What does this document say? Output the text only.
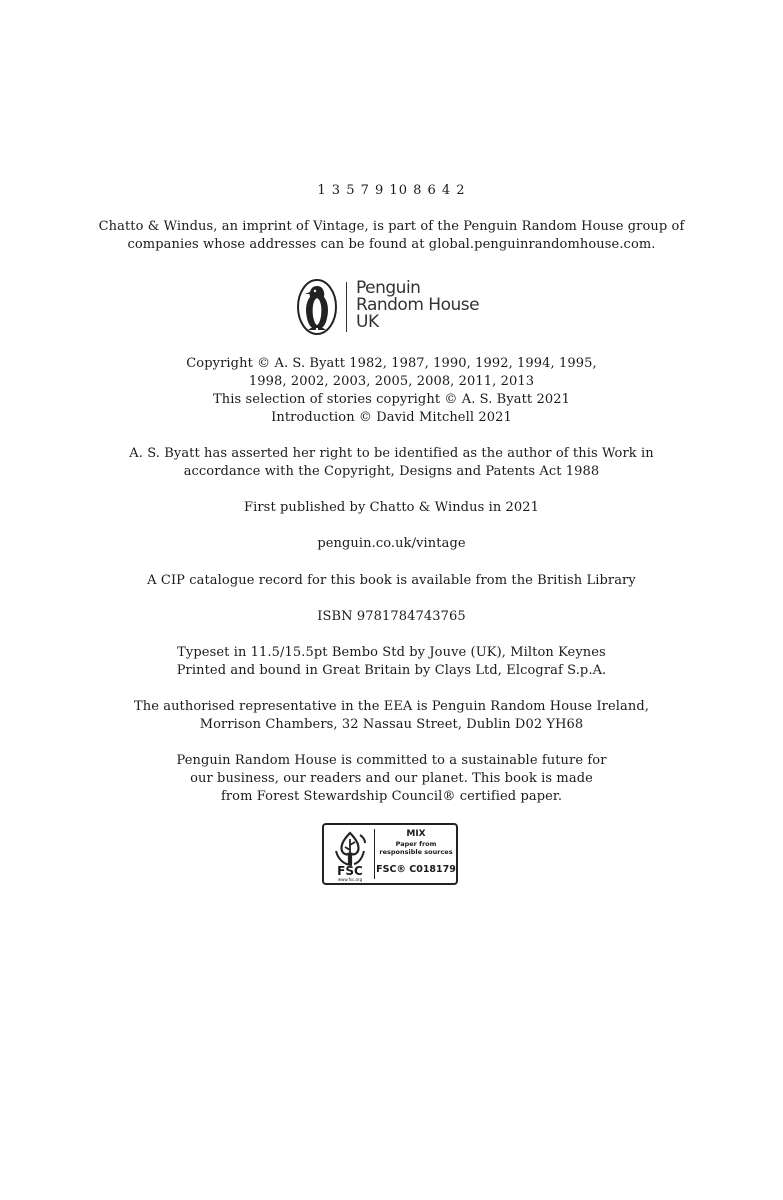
1 3 5 7 9 10 8 6 4 2
Chatto & Windus, an imprint of Vintage, is part of the Penguin Random House group of
companies whose addresses can be found at global.penguinrandomhouse.com.
Penguin
Random House
UK
Copyright © A. S. Byatt 1982, 1987, 1990, 1992, 1994, 1995,
1998, 2002, 2003, 2005, 2008, 2011, 2013
This selection of stories copyright © A. S. Byatt 2021
Introduction © David Mitchell 2021
A. S. Byatt has asserted her right to be identified as the author of this Work in
accordance with the Copyright, Designs and Patents Act 1988
First published by Chatto & Windus in 2021
penguin.co.uk/vintage
A CIP catalogue record for this book is available from the British Library
ISBN 9781784743765
Typeset in 11.5/15.5pt Bembo Std by Jouve (UK), Milton Keynes
Printed and bound in Great Britain by Clays Ltd, Elcograf S.p.A.
The authorised representative in the EEA is Penguin Random House Ireland,
Morrison Chambers, 32 Nassau Street, Dublin D02 YH68
Penguin Random House is committed to a sustainable future for
our business, our readers and our planet. This book is made
from Forest Stewardship Council® certified paper.
FSC
www.fsc.org
MIX
Paper from
responsible sources
FSC® C018179
